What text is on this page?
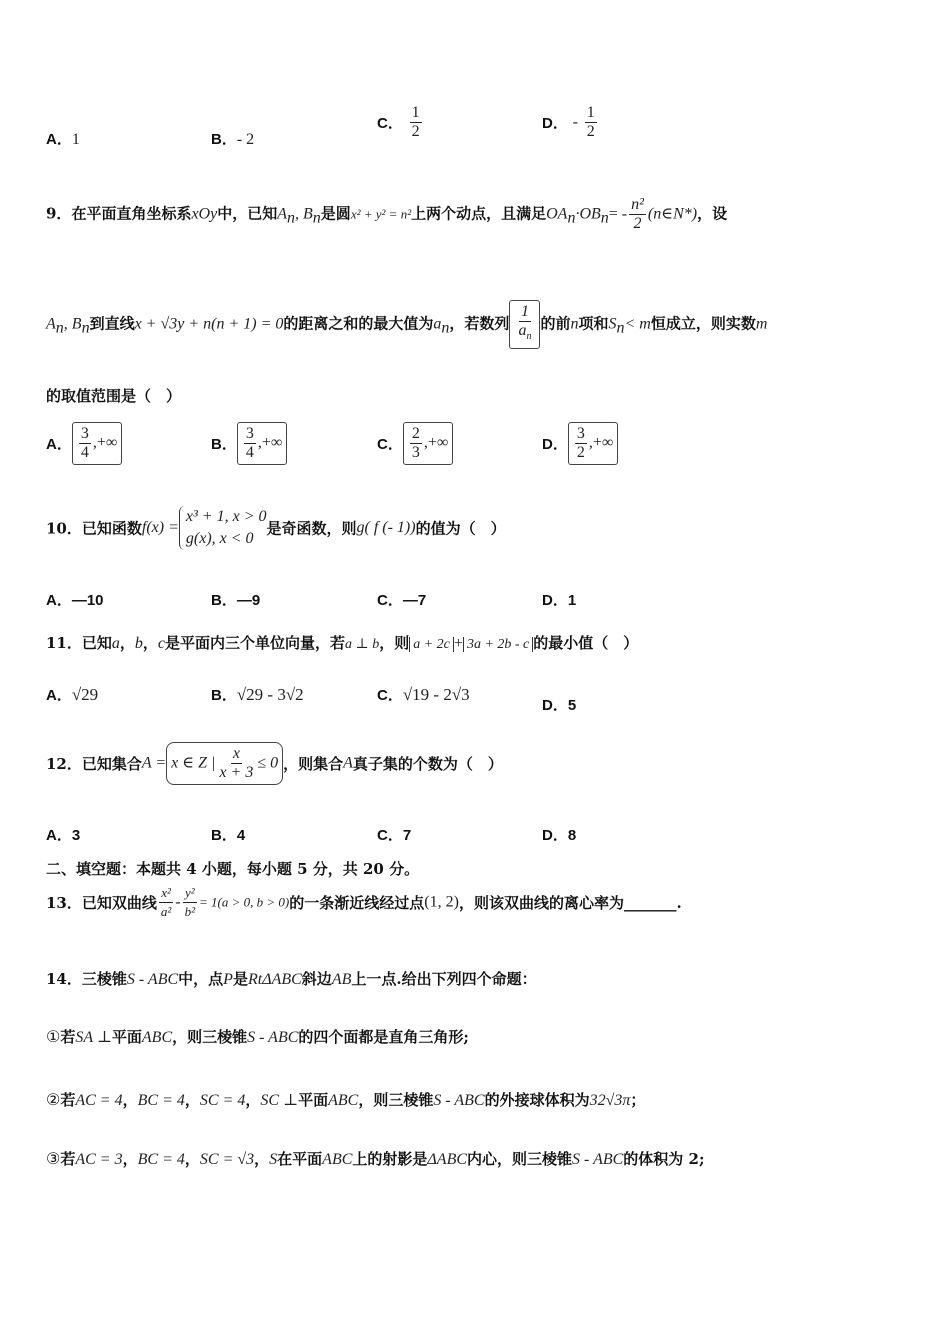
A．1	B．- 2
C． $\frac{1}{2}$	D． - $\frac{1}{2}$
9．在平面直角坐标系xOy中，已知$A_n$, $B_n$是圆x² + y² = n²上两个动点，且满足$OA_n\cdot OB_n= - \frac{\text{n²}}{2}$ (n∈N*)，设
$A_n$, $B_n$到直线x + √3y + n(n + 1) = 0的距离之和的最大值为$a_n$，若数列 $\frac{1}{a_n}$ 的前n项和$S_n< m$恒成立，则实数m
的取值范围是（　）
A． $\frac{3}{4}$ ,+∞	B． $\frac{3}{4}$ ,+∞	C． $\frac{2}{3}$ ,+∞	D． $\frac{3}{2}$ ,+∞
10．已知函数f(x) =
x³ + 1, x > 0
g(x), x < 0
是奇函数，则g( f (- 1))的值为（　）
A．—10	B．—9	C．—7	D．1
11．已知a，b，c是平面内三个单位向量，若a ⊥ b，则 a + 2c + 3a + 2b - c 的最小值（　）
A．√29	B．√29 - 3√2	C．√19 - 2√3
D．5
12．已知集合A = x ∈ Z | $\frac{x}{x + 3} \le 0$ ，则集合A真子集的个数为（　）
A．3	B．4	C．7	D．8
二、填空题：本题共 4 小题，每小题 5 分，共 20 分。
13．已知双曲线 $\frac{\text{x²}}{\text{a²}} - \frac{\text{y²}}{\text{b²}} = 1(a > 0$, b > 0)的一条渐近线经过点(1, 2)，则该双曲线的离心率为_______.
14．三棱锥S - ABC中，点P是RtΔABC斜边AB上一点.给出下列四个命题：
①若SA ⊥平面ABC，则三棱锥S - ABC的四个面都是直角三角形;
②若AC = 4，BC = 4，SC = 4，SC ⊥平面ABC，则三棱锥S - ABC的外接球体积为32√3π；
③若AC = 3，BC = 4，SC = √3，S在平面ABC上的射影是ΔABC内心，则三棱锥S - ABC的体积为 2;
